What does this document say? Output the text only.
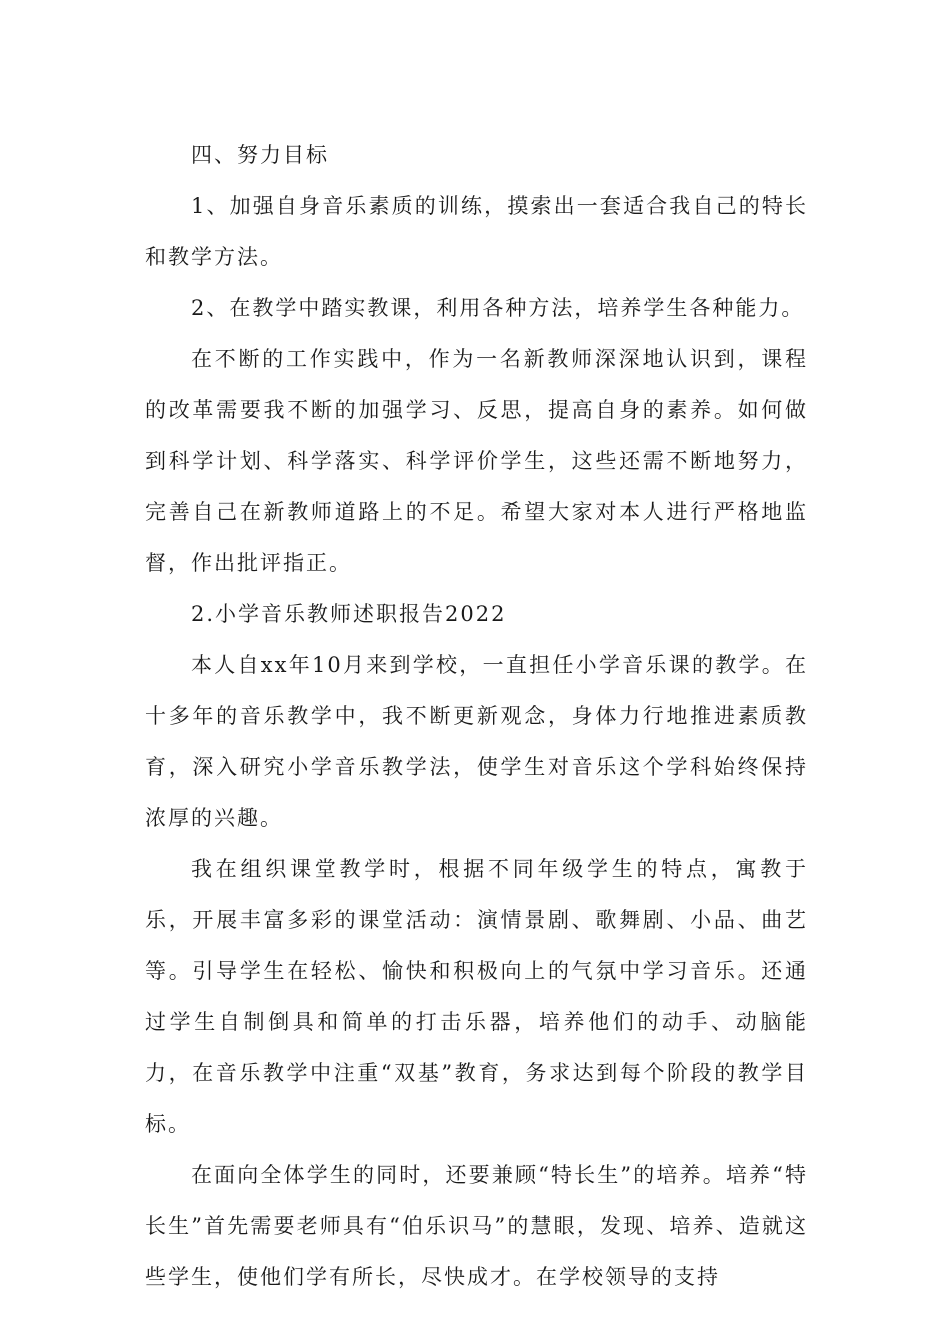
四、努力目标

1、加强自身音乐素质的训练，摸索出一套适合我自己的特长和教学方法。

2、在教学中踏实教课，利用各种方法，培养学生各种能力。

在不断的工作实践中，作为一名新教师深深地认识到，课程的改革需要我不断的加强学习、反思，提高自身的素养。如何做到科学计划、科学落实、科学评价学生，这些还需不断地努力，完善自己在新教师道路上的不足。希望大家对本人进行严格地监督，作出批评指正。

2.小学音乐教师述职报告2022

本人自xx年10月来到学校，一直担任小学音乐课的教学。在十多年的音乐教学中，我不断更新观念，身体力行地推进素质教育，深入研究小学音乐教学法，使学生对音乐这个学科始终保持浓厚的兴趣。

我在组织课堂教学时，根据不同年级学生的特点，寓教于乐，开展丰富多彩的课堂活动：演情景剧、歌舞剧、小品、曲艺等。引导学生在轻松、愉快和积极向上的气氛中学习音乐。还通过学生自制倒具和简单的打击乐器，培养他们的动手、动脑能力，在音乐教学中注重“双基”教育，务求达到每个阶段的教学目标。

在面向全体学生的同时，还要兼顾“特长生”的培养。培养“特长生”首先需要老师具有“伯乐识马”的慧眼，发现、培养、造就这些学生，使他们学有所长，尽快成才。在学校领导的支持
